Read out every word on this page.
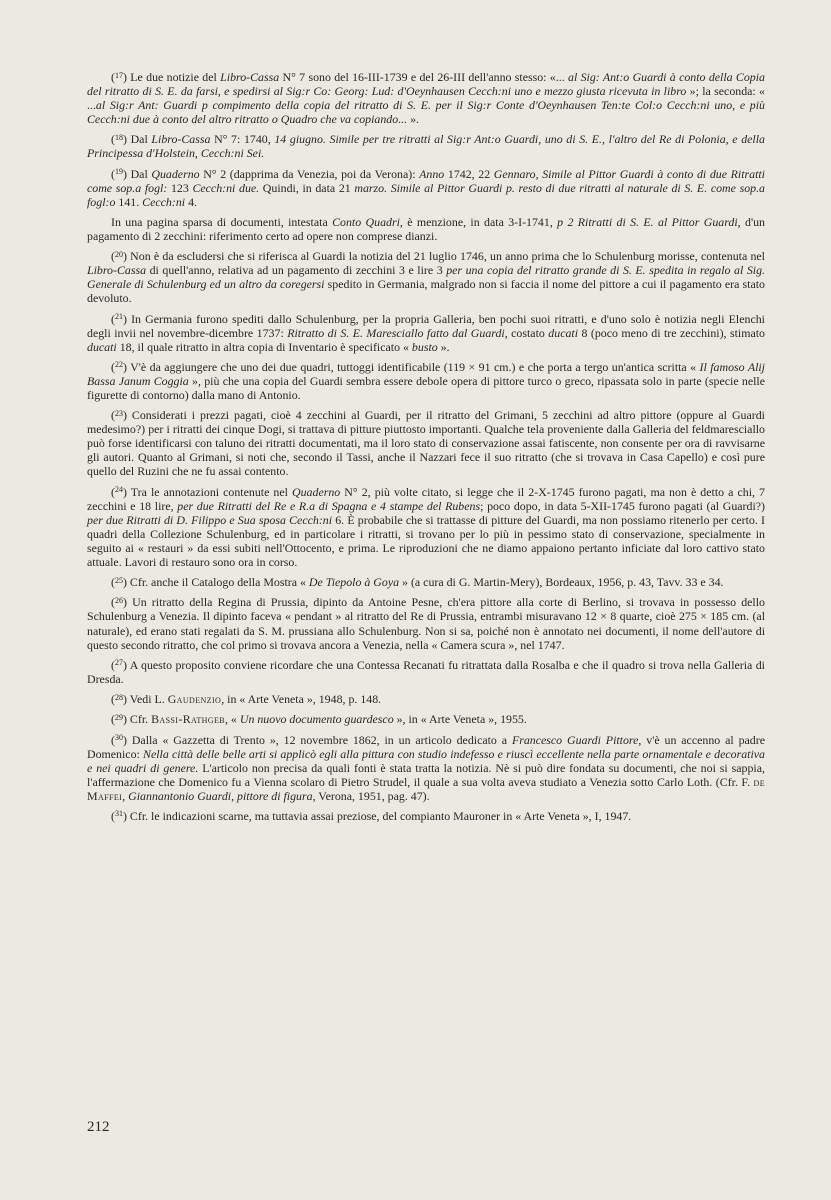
( $^{17}$ ) Le due notizie del Libro-Cassa N° 7 sono del 16-III-1739 e del 26-III dell'anno stesso: «... al Sig: Ant:o Guardi à conto della Copia del ritratto di S. E. da farsi, e spedirsi al Sig:r Co: Georg: Lud: d'Oeynhausen Cecch:ni uno e mezzo giusta ricevuta in libro »; la seconda: « ...al Sig:r Ant: Guardi p compimento della copia del ritratto di S. E. per il Sig:r Conte d'Oeynhausen Ten:te Col:o Cecch:ni uno, e più Cecch:ni due à conto del altro ritratto o Quadro che va copiando... ».

( $^{18}$ ) Dal Libro-Cassa N° 7: 1740, 14 giugno. Simile per tre ritratti al Sig:r Ant:o Guardi, uno di S. E., l'altro del Re di Polonia, e della Principessa d'Holstein, Cecch:ni Sei.

( $^{19}$ ) Dal Quaderno N° 2 (dapprima da Venezia, poi da Verona): Anno 1742, 22 Gennaro, Simile al Pittor Guardi à conto di due Ritratti come sop.a fogl: 123 Cecch:ni due. Quindi, in data 21 marzo. Simile al Pittor Guardi p. resto di due ritratti al naturale di S. E. come sop.a fogl:o 141. Cecch:ni 4.

In una pagina sparsa di documenti, intestata Conto Quadri, è menzione, in data 3-I-1741, p 2 Ritratti di S. E. al Pittor Guardi, d'un pagamento di 2 zecchini: riferimento certo ad opere non comprese dianzi.

( $^{20}$ ) Non è da escludersi che si riferisca al Guardi la notizia del 21 luglio 1746, un anno prima che lo Schulenburg morisse, contenuta nel Libro-Cassa di quell'anno, relativa ad un pagamento di zecchini 3 e lire 3 per una copia del ritratto grande di S. E. spedita in regalo al Sig. Generale di Schulenburg ed un altro da coregersi spedito in Germania, malgrado non si faccia il nome del pittore a cui il pagamento era stato devoluto.

( $^{21}$ ) In Germania furono spediti dallo Schulenburg, per la propria Galleria, ben pochi suoi ritratti, e d'uno solo è notizia negli Elenchi degli invii nel novembre-dicembre 1737: Ritratto di S. E. Maresciallo fatto dal Guardi, costato ducati 8 (poco meno di tre zecchini), stimato ducati 18, il quale ritratto in altra copia di Inventario è specificato « busto ».

( $^{22}$ ) V'è da aggiungere che uno dei due quadri, tuttoggi identificabile (119 × 91 cm.) e che porta a tergo un'antica scritta « Il famoso Alij Bassa Janum Coggia », più che una copia del Guardi sembra essere debole opera di pittore turco o greco, ripassata solo in parte (specie nelle figurette di contorno) dalla mano di Antonio.

( $^{23}$ ) Considerati i prezzi pagati, cioè 4 zecchini al Guardi, per il ritratto del Grimani, 5 zecchini ad altro pittore (oppure al Guardi medesimo?) per i ritratti dei cinque Dogi, si trattava di pitture piuttosto importanti. Qualche tela proveniente dalla Galleria del feldmaresciallo può forse identificarsi con taluno dei ritratti documentati, ma il loro stato di conservazione assai fatiscente, non consente per ora di ravvisarne gli autori. Quanto al Grimani, si noti che, secondo il Tassi, anche il Nazzari fece il suo ritratto (che si trovava in Casa Capello) e così pure quello del Ruzini che ne fu assai contento.

( $^{24}$ ) Tra le annotazioni contenute nel Quaderno N° 2, più volte citato, si legge che il 2-X-1745 furono pagati, ma non è detto a chi, 7 zecchini e 18 lire, per due Ritratti del Re e R.a di Spagna e 4 stampe del Rubens; poco dopo, in data 5-XII-1745 furono pagati (al Guardi?) per due Ritratti di D. Filippo e Sua sposa Cecch:ni 6. È probabile che si trattasse di pitture del Guardi, ma non possiamo ritenerlo per certo. I quadri della Collezione Schulenburg, ed in particolare i ritratti, si trovano per lo più in pessimo stato di conservazione, specialmente in seguito ai « restauri » da essi subiti nell'Ottocento, e prima. Le riproduzioni che ne diamo appaiono pertanto inficiate dal loro cattivo stato attuale. Lavori di restauro sono ora in corso.

( $^{25}$ ) Cfr. anche il Catalogo della Mostra « De Tiepolo à Goya » (a cura di G. Martin-Mery), Bordeaux, 1956, p. 43, Tavv. 33 e 34.

( $^{26}$ ) Un ritratto della Regina di Prussia, dipinto da Antoine Pesne, ch'era pittore alla corte di Berlino, si trovava in possesso dello Schulenburg a Venezia. Il dipinto faceva « pendant » al ritratto del Re di Prussia, entrambi misuravano 12 × 8 quarte, cioè 275 × 185 cm. (al naturale), ed erano stati regalati da S. M. prussiana allo Schulenburg. Non si sa, poiché non è annotato nei documenti, il nome dell'autore di questo secondo ritratto, che col primo si trovava ancora a Venezia, nella « Camera scura », nel 1747.

( $^{27}$ ) A questo proposito conviene ricordare che una Contessa Recanati fu ritrattata dalla Rosalba e che il quadro si trova nella Galleria di Dresda.

( $^{28}$ ) Vedi L. Gaudenzio, in « Arte Veneta », 1948, p. 148.

( $^{29}$ ) Cfr. Bassi-Rathgeb, « Un nuovo documento guardesco », in « Arte Veneta », 1955.

( $^{30}$ ) Dalla « Gazzetta di Trento », 12 novembre 1862, in un articolo dedicato a Francesco Guardi Pittore, v'è un accenno al padre Domenico: Nella città delle belle arti si applicò egli alla pittura con studio indefesso e riuscì eccellente nella parte ornamentale e decorativa e nei quadri di genere. L'articolo non precisa da quali fonti è stata tratta la notizia. Nè si può dire fondata su documenti, che noi si sappia, l'affermazione che Domenico fu a Vienna scolaro di Pietro Strudel, il quale a sua volta aveva studiato a Venezia sotto Carlo Loth. (Cfr. F. de Maffei, Giannantonio Guardi, pittore di figura, Verona, 1951, pag. 47).

( $^{31}$ ) Cfr. le indicazioni scarne, ma tuttavia assai preziose, del compianto Mauroner in « Arte Veneta », I, 1947.

212
